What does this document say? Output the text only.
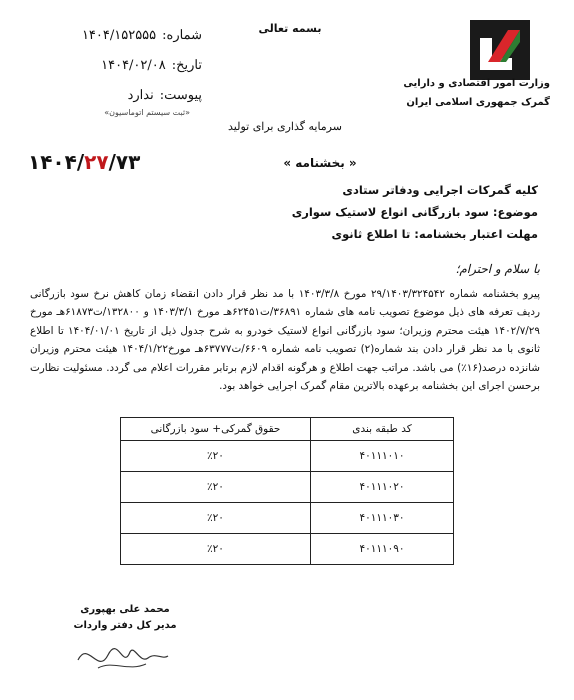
شماره:
۱۴۰۴/۱۵۲۵۵۵
تاریخ:
۱۴۰۴/۰۲/۰۸
پیوست:
ندارد
«ثبت سیستم اتوماسیون»
بسمه تعالی
سرمایه گذاری برای تولید
وزارت امور اقتصادی و دارایی
گمرک جمهوری اسلامی ایران
۱۴۰۴/۲۷/۷۳	« بخشنامه »
کلیه گمرکات اجرایی ودفاتر ستادی
موضوع: سود بازرگانی انواع لاستیک سواری
مهلت اعتبار بخشنامه: تا اطلاع ثانوی
با سلام و احترام؛
پیرو بخشنامه شماره ۲۹/۱۴۰۳/۳۲۴۵۴۲ مورخ ۱۴۰۳/۳/۸ با مد نظر قرار دادن انقضاء زمان کاهش نرخ سود بازرگانی ردیف تعرفه های ذیل موضوع تصویب نامه های شماره ۳۶۸۹۱/ت۶۲۴۵۱هـ مورخ ۱۴۰۳/۳/۱ و ۱۳۲۸۰۰/ت۶۱۸۷۳هـ مورخ ۱۴۰۲/۷/۲۹ هیئت محترم وزیران؛ سود بازرگانی انواع لاستیک خودرو به شرح جدول ذیل از تاریخ ۱۴۰۴/۰۱/۰۱ تا اطلاع ثانوی با مد نظر قرار دادن بند شماره(۲) تصویب نامه شماره ۶۶۰۹/ت۶۳۷۷۷هـ مورخ۱۴۰۴/۱/۲۲ هیئت محترم وزیران شانزده درصد(۱۶٪) می باشد. مراتب جهت اطلاع و هرگونه اقدام لازم برتابر مقررات اعلام می گردد. مسئولیت نظارت برحسن اجرای این بخشنامه برعهده بالاترین مقام گمرک اجرایی خواهد بود.
کد طبقه بندی	حقوق گمرکی+ سود بازرگانی
۴۰۱۱۱۰۱۰	٪۲۰
۴۰۱۱۱۰۲۰	٪۲۰
۴۰۱۱۱۰۳۰	٪۲۰
۴۰۱۱۱۰۹۰	٪۲۰
محمد علی بهپوری
مدیر کل دفتر واردات
